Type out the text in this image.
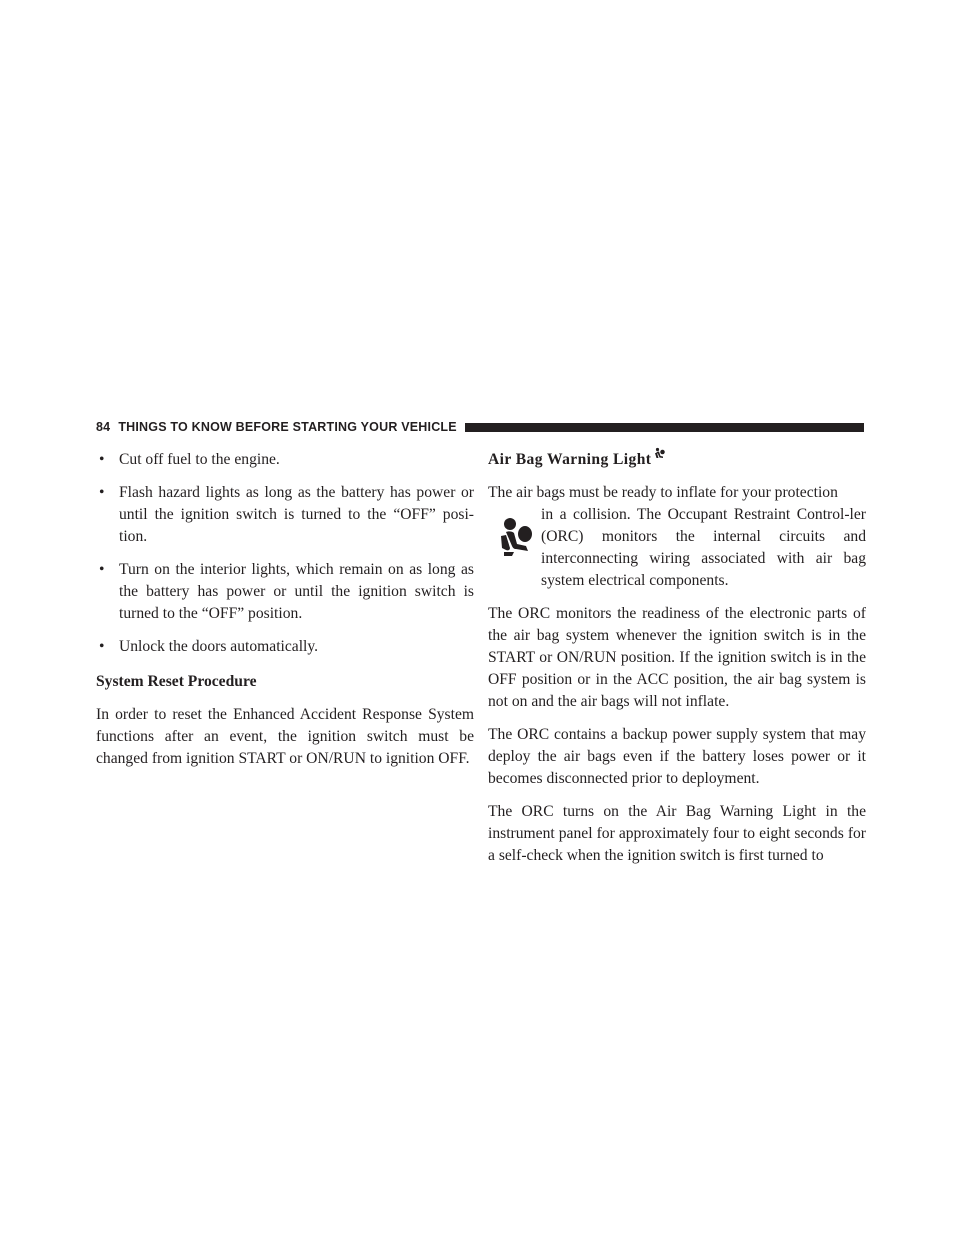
84 THINGS TO KNOW BEFORE STARTING YOUR VEHICLE
• Cut off fuel to the engine.
• Flash hazard lights as long as the battery has power or until the ignition switch is turned to the “OFF” posi-tion.
• Turn on the interior lights, which remain on as long as the battery has power or until the ignition switch is turned to the “OFF” position.
• Unlock the doors automatically.
System Reset Procedure

In order to reset the Enhanced Accident Response System functions after an event, the ignition switch must be changed from ignition START or ON/RUN to ignition OFF.

Air Bag Warning Light
The air bags must be ready to inflate for your protection
in a collision. The Occupant Restraint Control-ler (ORC) monitors the internal circuits and interconnecting wiring associated with air bag system electrical components.

The ORC monitors the readiness of the electronic parts of the air bag system whenever the ignition switch is in the START or ON/RUN position. If the ignition switch is in the OFF position or in the ACC position, the air bag system is not on and the air bags will not inflate.

The ORC contains a backup power supply system that may deploy the air bags even if the battery loses power or it becomes disconnected prior to deployment.

The ORC turns on the Air Bag Warning Light in the instrument panel for approximately four to eight seconds for a self-check when the ignition switch is first turned to
